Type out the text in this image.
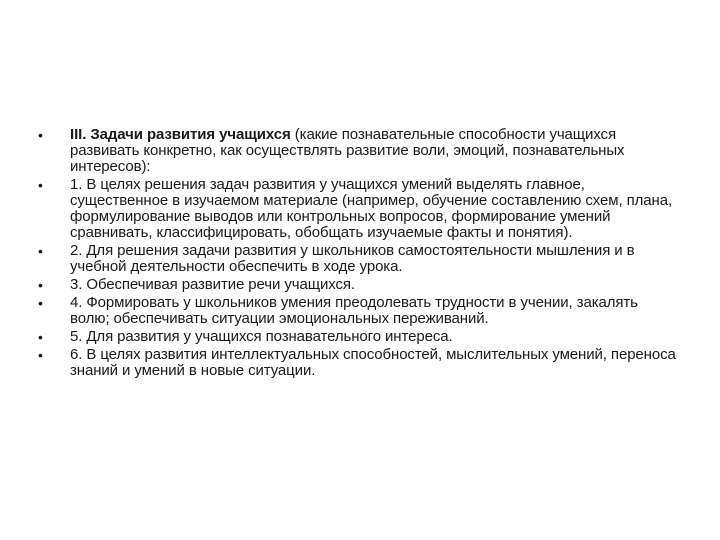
•	III. Задачи развития учащихся (какие познавательные способности учащихся развивать конкретно, как осуществлять развитие воли, эмоций, познавательных интересов):
•	1. В целях решения задач развития у учащихся умений выделять главное, существенное в изучаемом материале (например, обучение составлению схем, плана, формулирование выводов или контрольных вопросов, формирование умений сравнивать, классифицировать, обобщать изучаемые факты и понятия).
•	2. Для решения задачи развития у школьников самостоятельности мышления и в учебной деятельности обеспечить в ходе урока.
•	3. Обеспечивая развитие речи учащихся.
•	4. Формировать у школьников умения преодолевать трудности в учении, закалять волю; обеспечивать ситуации эмоциональных переживаний.
•	5. Для развития у учащихся познавательного интереса.
•	6. В целях развития интеллектуальных способностей, мыслительных умений, переноса знаний и умений в новые ситуации.
